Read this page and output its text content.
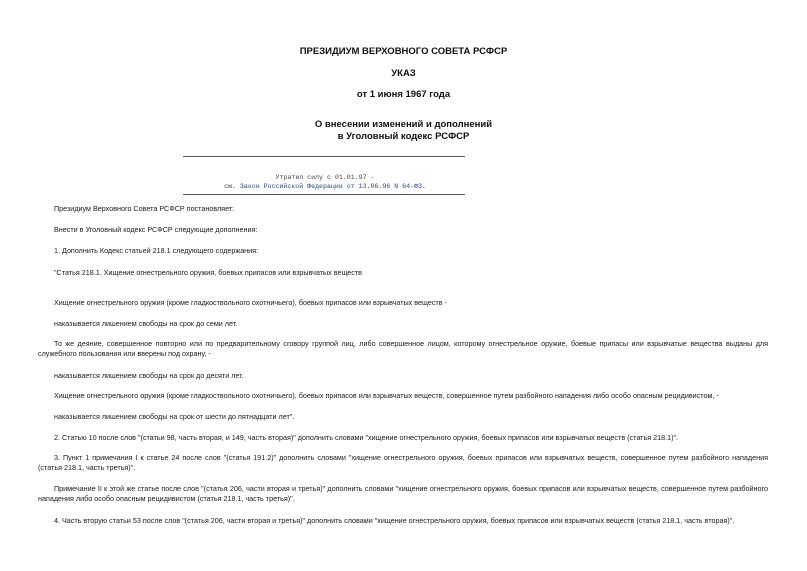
ПРЕЗИДИУМ ВЕРХОВНОГО СОВЕТА РСФСР
УКАЗ
от 1 июня 1967 года
О внесении изменений и дополнений
в Уголовный кодекс РСФСР
Утратил силу с 01.01.97 -
см. Закон Российской Федерации от 13.06.96 N 64-ФЗ.
Президиум Верховного Совета РСФСР постановляет:
Внести в Уголовный кодекс РСФСР следующие дополнения:
1. Дополнить Кодекс статьей 218.1 следующего содержания:
"Статья 218.1. Хищение огнестрельного оружия, боевых припасов или взрывчатых веществ
Хищение огнестрельного оружия (кроме гладкоствольного охотничьего), боевых припасов или взрывчатых веществ -
наказывается лишением свободы на срок до семи лет.
То же деяние, совершенное повторно или по предварительному сговору группой лиц, либо совершенное лицом, которому огнестрельное оружие, боевые припасы или взрывчатые вещества выданы для служебного пользования или вверены под охрану, -
наказывается лишением свободы на срок до десяти лет.
Хищение огнестрельного оружия (кроме гладкоствольного охотничьего), боевых припасов или взрывчатых веществ, совершенное путем разбойного нападения либо особо опасным рецидивистом, -
наказывается лишением свободы на срок от шести до пятнадцати лет".
2. Статью 10 после слов "(статьи 98, часть вторая, и 149, часть вторая)" дополнить словами "хищение огнестрельного оружия, боевых припасов или взрывчатых веществ (статья 218.1)".
3. Пункт 1 примечания I к статье 24 после слов "(статья 191.2)" дополнить словами "хищение огнестрельного оружия, боевых припасов или взрывчатых веществ, совершенное путем разбойного нападения (статья 218.1, часть третья)".
Примечание II к этой же статье после слов "(статья 206, части вторая и третья)" дополнить словами "хищение огнестрельного оружия, боевых припасов или взрывчатых веществ, совершенное путем разбойного нападения либо особо опасным рецидивистом (статья 218.1, часть третья)".
4. Часть вторую статьи 53 после слов "(статья 206, части вторая и третья)" дополнить словами "хищение огнестрельного оружия, боевых припасов или взрывчатых веществ (статья 218.1, часть вторая)".
